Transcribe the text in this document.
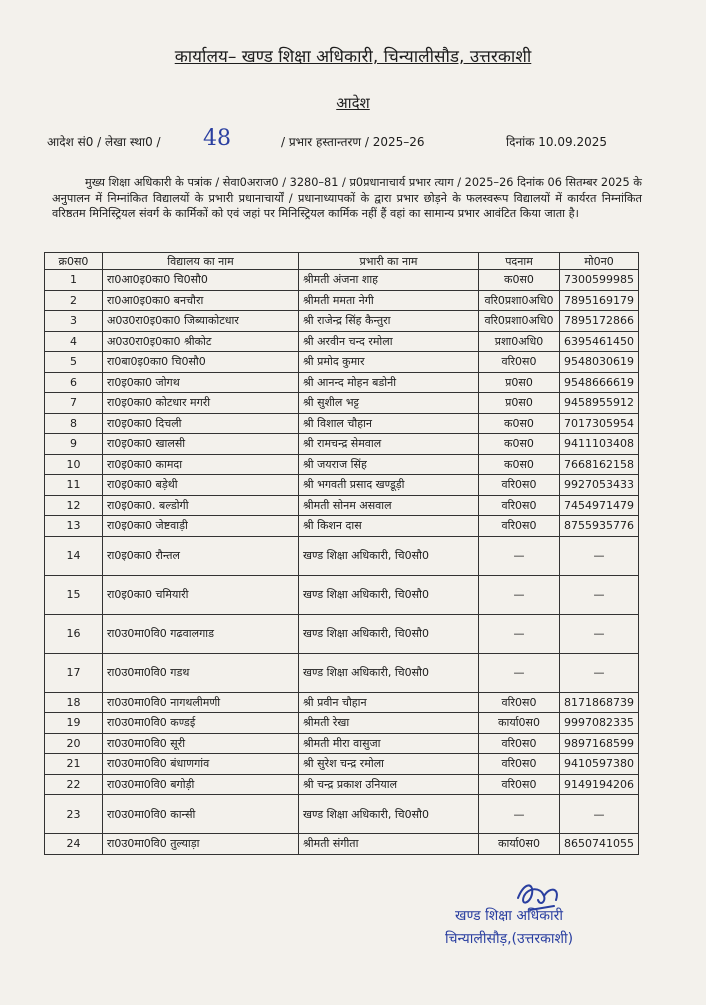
कार्यालय– खण्ड शिक्षा अधिकारी, चिन्यालीसौड, उत्तरकाशी
आदेश
आदेश सं0 / लेखा स्था0 / 48	/ प्रभार हस्तान्तरण / 2025–26	दिनांक 10.09.2025
मुख्य शिक्षा अधिकारी के पत्रांक / सेवा0अराज0 / 3280–81 / प्र0प्रधानाचार्य प्रभार त्याग / 2025–26 दिनांक 06 सितम्बर 2025 के अनुपालन में निम्नांकित विद्यालयों के प्रभारी प्रधानाचार्यों / प्रधानाध्यापकों के द्वारा प्रभार छोड़ने के फलस्वरूप विद्यालयों में कार्यरत निम्नांकित वरिष्ठतम मिनिस्ट्रियल संवर्ग के कार्मिकों को एवं जहां पर मिनिस्ट्रियल कार्मिक नहीं हैं वहां का सामान्य प्रभार आवंटित किया जाता है।
क्र0स0	विद्यालय का नाम	प्रभारी का नाम	पदनाम	मो0न0
1	रा0आ0इ0का0 चि0सौ0	श्रीमती अंजना शाह	क0स0	7300599985
2	रा0आ0इ0का0 बनचौरा	श्रीमती ममता नेगी	वरि0प्रशा0अधि0	7895169179
3	अ0उ0रा0इ0का0 जिब्याकोटधार	श्री राजेन्द्र सिंह कैन्तुरा	वरि0प्रशा0अधि0	7895172866
4	अ0उ0रा0इ0का0 श्रीकोट	श्री अरवीन चन्द रमोला	प्रशा0अधि0	6395461450
5	रा0बा0इ0का0 चि0सौ0	श्री प्रमोद कुमार	वरि0स0	9548030619
6	रा0इ0का0 जोगथ	श्री आनन्द मोहन बडोनी	प्र0स0	9548666619
7	रा0इ0का0 कोटधार मगरी	श्री सुशील भट्ट	प्र0स0	9458955912
8	रा0इ0का0 दिचली	श्री विशाल चौहान	क0स0	7017305954
9	रा0इ0का0 खालसी	श्री रामचन्द्र सेमवाल	क0स0	9411103408
10	रा0इ0का0 कामदा	श्री जयराज सिंह	क0स0	7668162158
11	रा0इ0का0 बड़ेथी	श्री भगवती प्रसाद खण्डूड़ी	वरि0स0	9927053433
12	रा0इ0का0. बल्डोगी	श्रीमती सोनम असवाल	वरि0स0	7454971479
13	रा0इ0का0 जेष्टवाड़ी	श्री किशन दास	वरि0स0	8755935776
14	रा0इ0का0 रौन्तल	खण्ड शिक्षा अधिकारी, चि0सौ0	—	—
15	रा0इ0का0 चमियारी	खण्ड शिक्षा अधिकारी, चि0सौ0	—	—
16	रा0उ0मा0वि0 गढवालगाड	खण्ड शिक्षा अधिकारी, चि0सौ0	—	—
17	रा0उ0मा0वि0 गडथ	खण्ड शिक्षा अधिकारी, चि0सौ0	—	—
18	रा0उ0मा0वि0 नागथलीमणी	श्री प्रवीन चौहान	वरि0स0	8171868739
19	रा0उ0मा0वि0 कण्डई	श्रीमती रेखा	कार्या0स0	9997082335
20	रा0उ0मा0वि0 सूरी	श्रीमती मीरा वासुजा	वरि0स0	9897168599
21	रा0उ0मा0वि0 बंधाणगांव	श्री सुरेश चन्द्र रमोला	वरि0स0	9410597380
22	रा0उ0मा0वि0 बगोड़ी	श्री चन्द्र प्रकाश उनियाल	वरि0स0	9149194206
23	रा0उ0मा0वि0 कान्सी	खण्ड शिक्षा अधिकारी, चि0सौ0	—	—
24	रा0उ0मा0वि0 तुल्याड़ा	श्रीमती संगीता	कार्या0स0	8650741055
खण्ड शिक्षा अधिकारी
चिन्यालीसौड़,(उत्तरकाशी)
